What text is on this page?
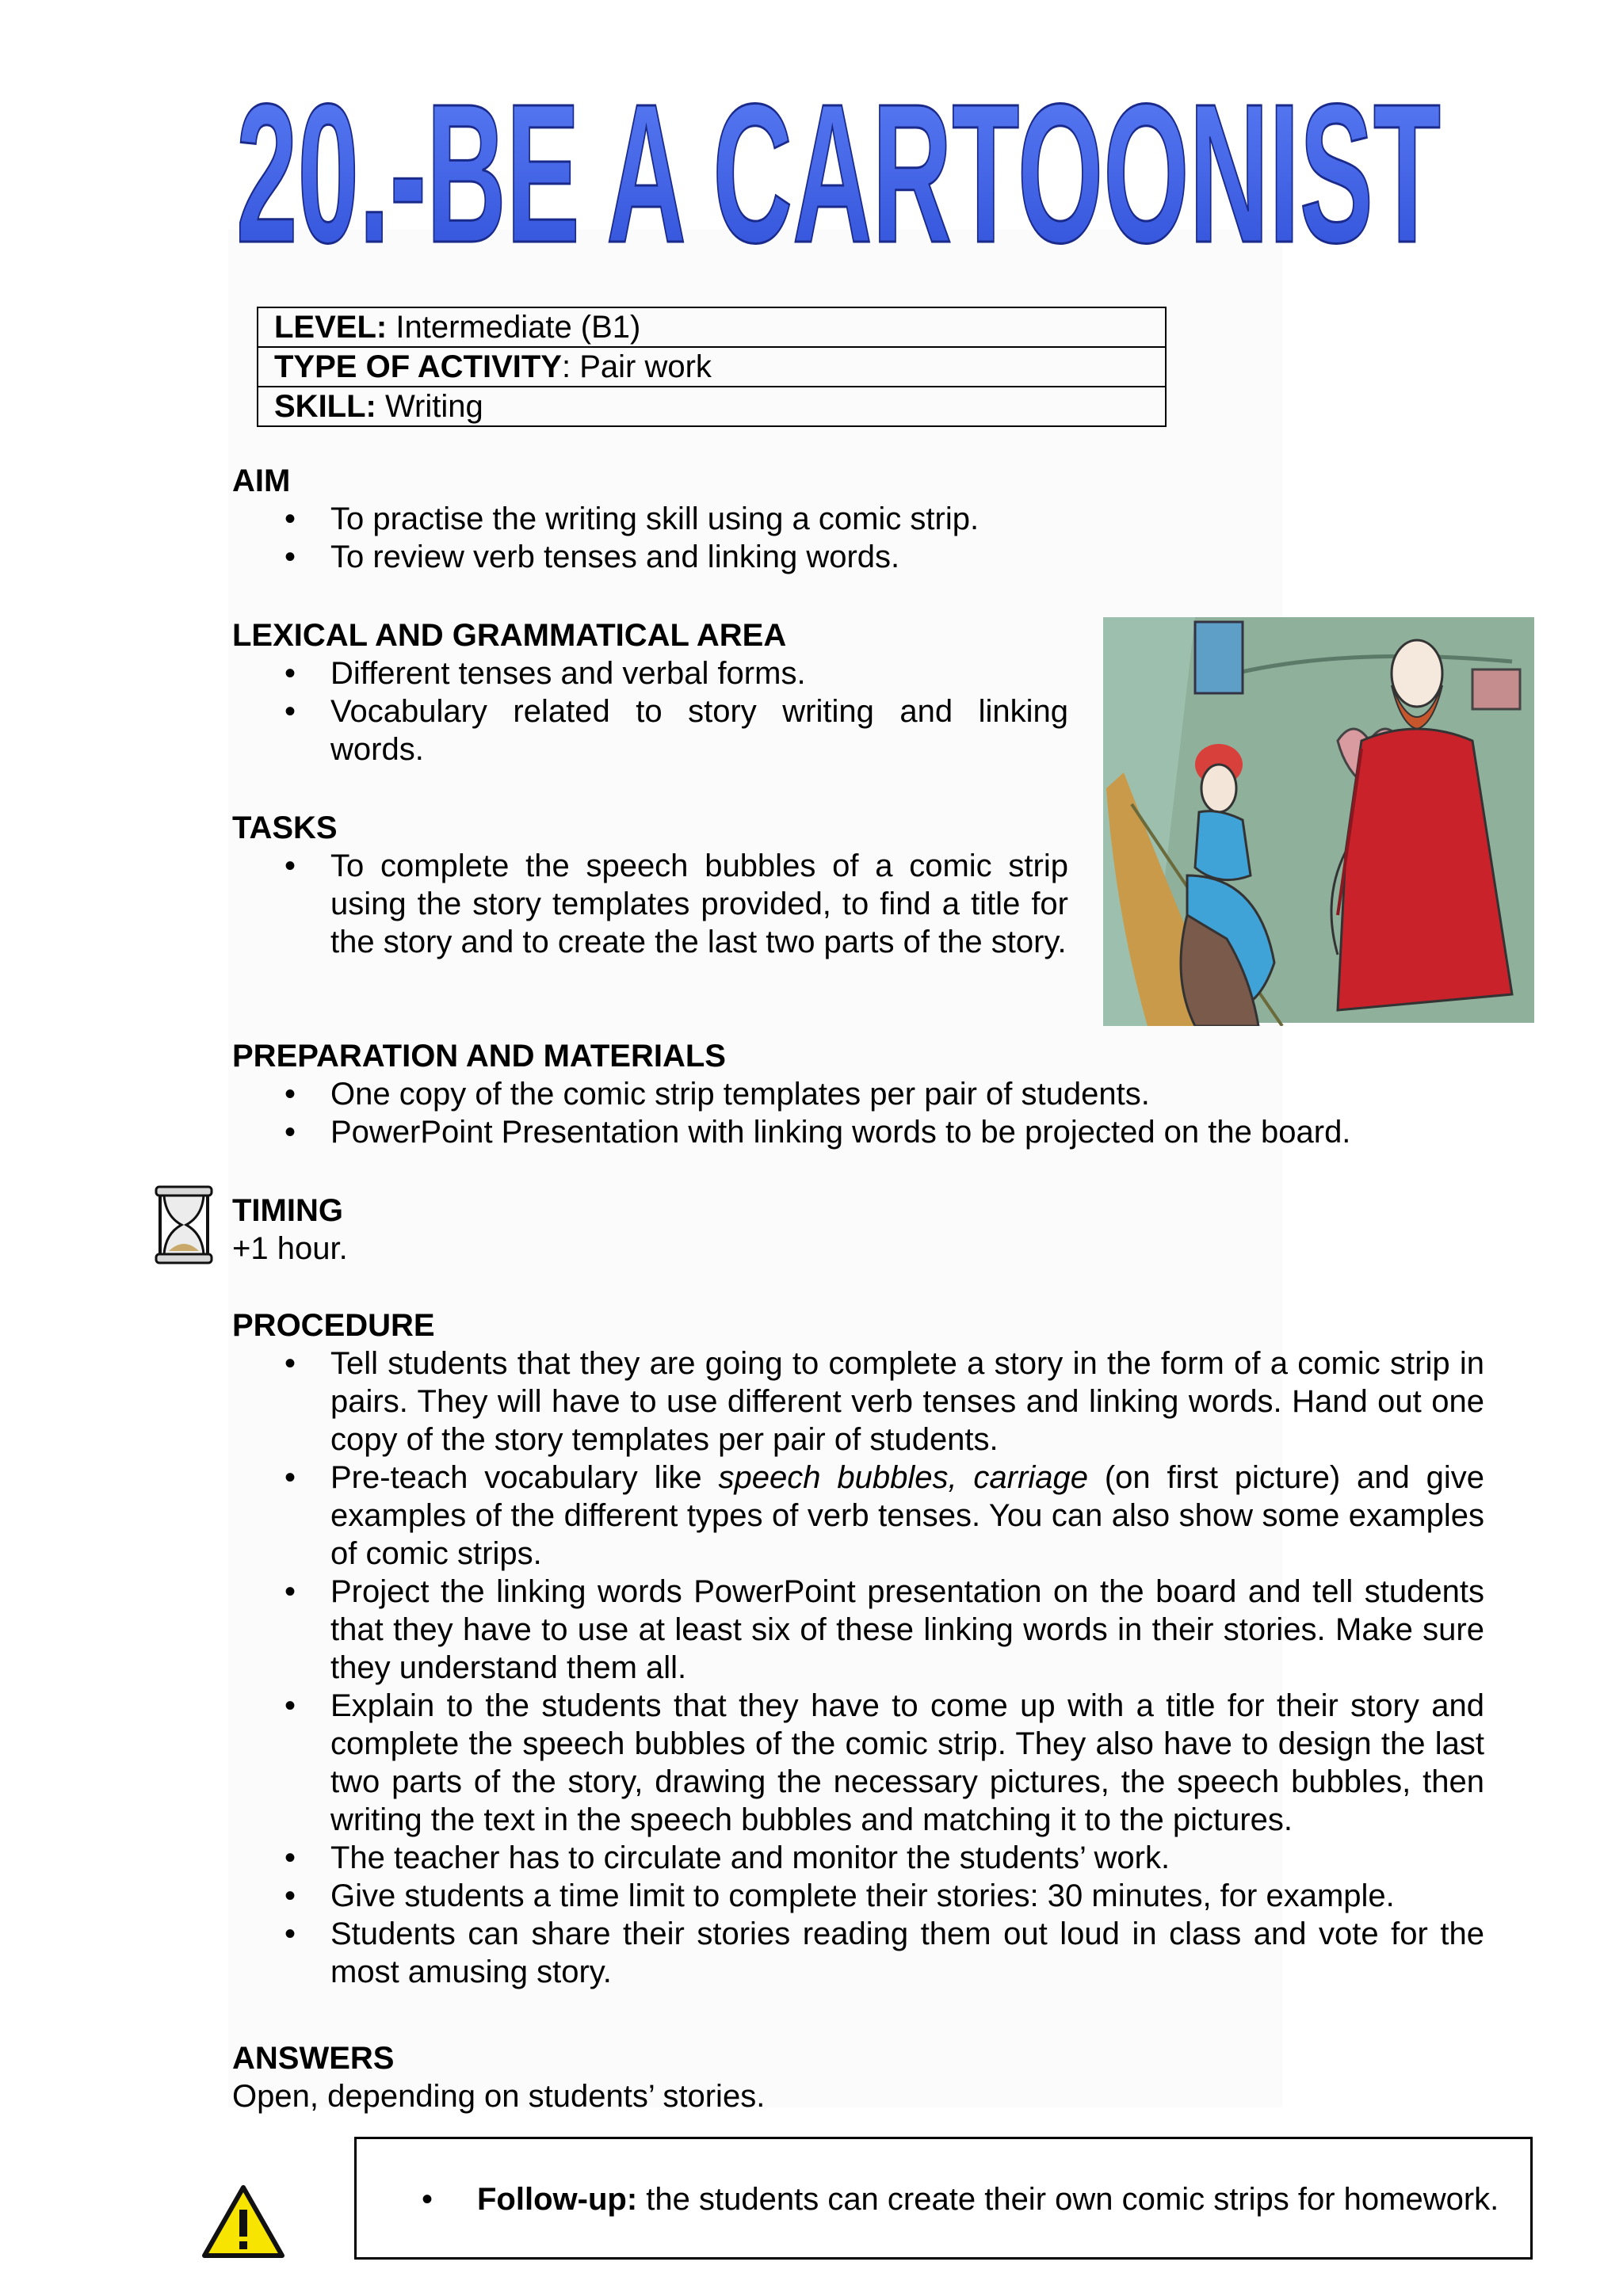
20.-BE A CARTOONIST
LEVEL: Intermediate (B1)
TYPE OF ACTIVITY: Pair work
SKILL: Writing
AIM
• To practise the writing skill using a comic strip.
• To review verb tenses and linking words.
LEXICAL AND GRAMMATICAL AREA
• Different tenses and verbal forms.
• Vocabulary related to story writing and linking words.
TASKS
• To complete the speech bubbles of a comic strip using the story templates provided, to find a title for the story and to create the last two parts of the story.
PREPARATION AND MATERIALS
• One copy of the comic strip templates per pair of students.
• PowerPoint Presentation with linking words to be projected on the board.
TIMING
+1 hour.
PROCEDURE
• Tell students that they are going to complete a story in the form of a comic strip in pairs. They will have to use different verb tenses and linking words. Hand out one copy of the story templates per pair of students.
• Pre-teach vocabulary like speech bubbles, carriage (on first picture) and give examples of the different types of verb tenses. You can also show some examples of comic strips.
• Project the linking words PowerPoint presentation on the board and tell students that they have to use at least six of these linking words in their stories. Make sure they understand them all.
• Explain to the students that they have to come up with a title for their story and complete the speech bubbles of the comic strip. They also have to design the last two parts of the story, drawing the necessary pictures, the speech bubbles, then writing the text in the speech bubbles and matching it to the pictures.
• The teacher has to circulate and monitor the students’ work.
• Give students a time limit to complete their stories: 30 minutes, for example.
• Students can share their stories reading them out loud in class and vote for the most amusing story.
ANSWERS
Open, depending on students’ stories.
• Follow-up: the students can create their own comic strips for homework.
